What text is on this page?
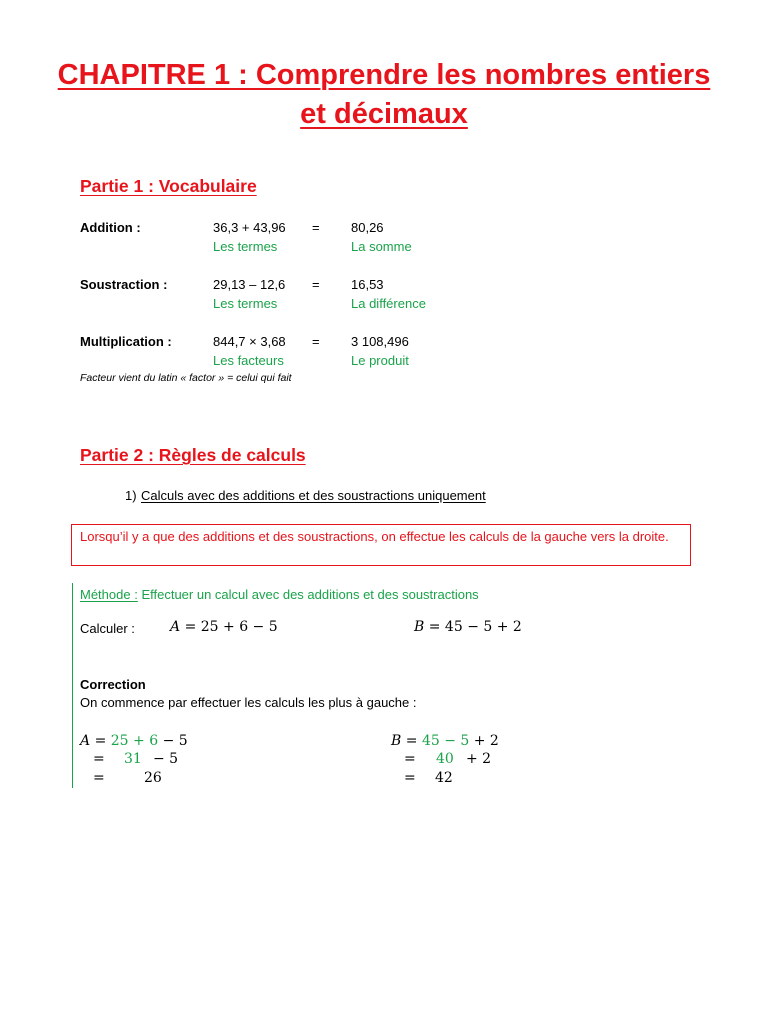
CHAPITRE 1 : Comprendre les nombres entiers
et décimaux
Partie 1 : Vocabulaire
Addition :	36,3 + 43,96 = 80,26
Les termes	La somme
Soustraction :	29,13 – 12,6 = 16,53
Les termes	La différence
Multiplication :	844,7 × 3,68 = 3 108,496
Les facteurs	Le produit
Facteur vient du latin « factor » = celui qui fait
Partie 2 : Règles de calculs
1) Calculs avec des additions et des soustractions uniquement
Lorsqu’il y a que des additions et des soustractions, on effectue les calculs de la gauche vers la droite.
Méthode : Effectuer un calcul avec des additions et des soustractions
Calculer :	A = 25 + 6 − 5	B = 45 − 5 + 2
Correction
On commence par effectuer les calculs les plus à gauche :
A = 25 + 6 − 5
= 31 − 5
=	26
B = 45 − 5 + 2
= 40 + 2
= 42
